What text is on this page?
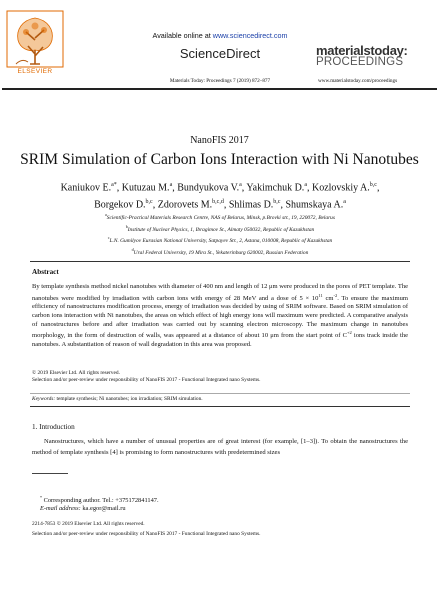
ELSEVIER
Available online at www.sciencedirect.com
ScienceDirect
Materials Today: Proceedings 7 (2019) 872–877
materialstoday:
PROCEEDINGS
www.materialstoday.com/proceedings
NanoFIS 2017
SRIM Simulation of Carbon Ions Interaction with Ni Nanotubes
Kaniukov E.$^{a*}$, Kutuzau M.$^a$, Bundyukova V.$^a$, Yakimchuk D.$^a$, Kozlovskiy A.$^{b,c}$,
Borgekov D.$^{b,c}$, Zdorovets M.$^{b,c,d}$, Shlimas D.$^{b,c}$, Shumskaya A.$^a$
$^a$Scientific-Practical Materials Research Centre, NAS of Belarus, Minsk, p.Brovki str., 19, 220072, Belarus
$^b$Institute of Nuclear Physics, 1, Ibragimov St., Almaty 050032, Republic of Kazakhstan
$^c$L.N. Gumilyov Eurasian National University, Satpayev Str., 2, Astana, 010008, Republic of Kazakhstan
$^d$Ural Federal University, 19 Mira St., Yekaterinburg 620002, Russian Federation
Abstract
By template synthesis method nickel nanotubes with diameter of 400 nm and length of 12 μm were produced in the pores of PET template. The nanotubes were modified by irradiation with carbon ions with energy of 28 MeV and a dose of $5 \times 10^{11}$ $cm^{-2}$. To ensure the maximum efficiency of nanostructures modification process, energy of irradiation was decided by using of SRIM software. Based on SRIM simulation of carbon ions interaction with Ni nanotubes, the areas on which effect of high energy ions will maximum were predicted. A comparative analysis of nanostructures before and after irradiation was carried out by scanning electron microscopy. The maximum change in nanotubes morphology, in the form of destruction of walls, was appeared at a distance of about 10 μm from the start point of $C^{+2}$ ions track inside the nanotubes. A substantiation of reason of wall degradation in this area was proposed.
© 2019 Elsevier Ltd. All rights reserved.
Selection and/or peer-review under responsibility of NanoFIS 2017 - Functional Integrated nano Systems.
Keywords: template synthesis; Ni nanotubes; ion irradiation; SRIM simulation.
1. Introduction
Nanostructures, which have a number of unusual properties are of great interest (for example, [1–3]). To obtain the nanostructures the method of template synthesis [4] is promising to form nanostructures with predetermined sizes
* Corresponding author. Tel.: +375172841147.
E-mail address: ka.egor@mail.ru
2214-7853 © 2019 Elsevier Ltd. All rights reserved.
Selection and/or peer-review under responsibility of NanoFIS 2017 - Functional Integrated nano Systems.
